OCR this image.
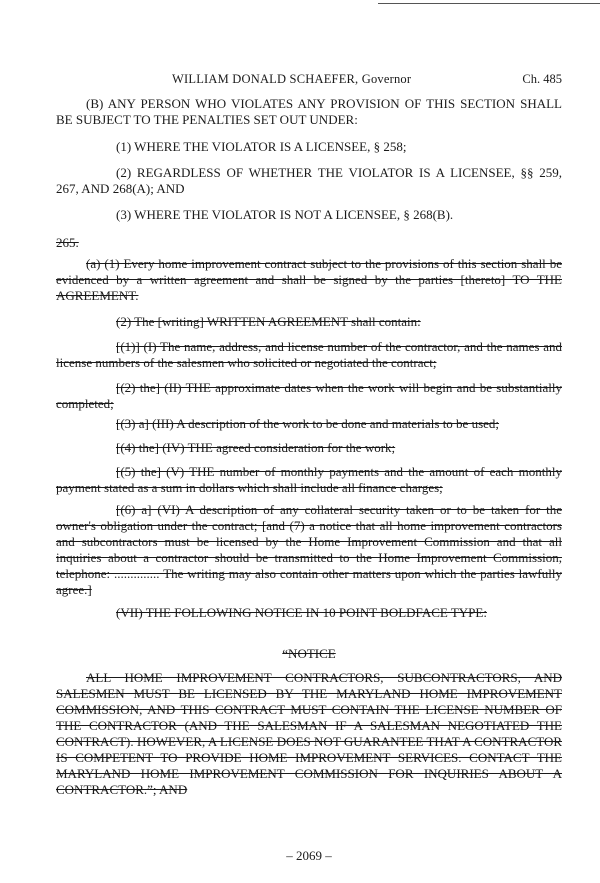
WILLIAM DONALD SCHAEFER, Governor	Ch. 485

(B) ANY PERSON WHO VIOLATES ANY PROVISION OF THIS SECTION SHALL BE SUBJECT TO THE PENALTIES SET OUT UNDER:

(1) WHERE THE VIOLATOR IS A LICENSEE, § 258;

(2) REGARDLESS OF WHETHER THE VIOLATOR IS A LICENSEE, §§ 259, 267, AND 268(A); AND

(3) WHERE THE VIOLATOR IS NOT A LICENSEE, § 268(B).

265.

(a) (1) Every home improvement contract subject to the provisions of this section shall be evidenced by a written agreement and shall be signed by the parties [thereto] TO THE AGREEMENT.

(2) The [writing] WRITTEN AGREEMENT shall contain:

[(1)] (I) The name, address, and license number of the contractor, and the names and license numbers of the salesmen who solicited or negotiated the contract;

[(2) the] (II) THE approximate dates when the work will begin and be substantially completed;

[(3) a] (III) A description of the work to be done and materials to be used;

[(4) the] (IV) THE agreed consideration for the work;

[(5) the] (V) THE number of monthly payments and the amount of each monthly payment stated as a sum in dollars which shall include all finance charges;

[(6) a] (VI) A description of any collateral security taken or to be taken for the owner's obligation under the contract; [and (7) a notice that all home improvement contractors and subcontractors must be licensed by the Home Improvement Commission and that all inquiries about a contractor should be transmitted to the Home Improvement Commission, telephone: .............. The writing may also contain other matters upon which the parties lawfully agree.]

(VII) THE FOLLOWING NOTICE IN 10 POINT BOLDFACE TYPE:

“NOTICE

ALL HOME IMPROVEMENT CONTRACTORS, SUBCONTRACTORS, AND SALESMEN MUST BE LICENSED BY THE MARYLAND HOME IMPROVEMENT COMMISSION, AND THIS CONTRACT MUST CONTAIN THE LICENSE NUMBER OF THE CONTRACTOR (AND THE SALESMAN IF A SALESMAN NEGOTIATED THE CONTRACT). HOWEVER, A LICENSE DOES NOT GUARANTEE THAT A CONTRACTOR IS COMPETENT TO PROVIDE HOME IMPROVEMENT SERVICES. CONTACT THE MARYLAND HOME IMPROVEMENT COMMISSION FOR INQUIRIES ABOUT A CONTRACTOR.”; AND

– 2069 –
